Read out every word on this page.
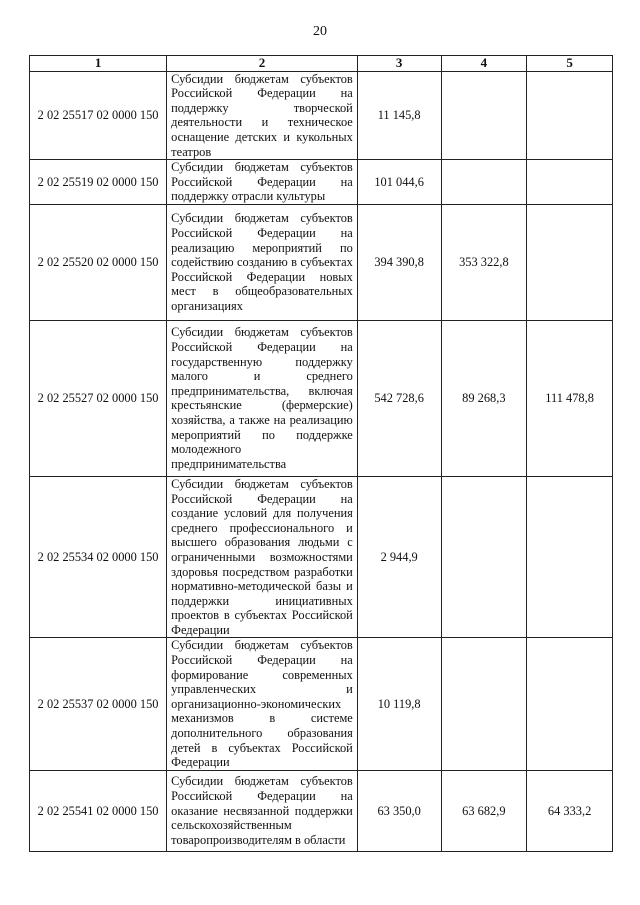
20
1	2	3	4	5
2 02 25517 02 0000 150	Субсидии бюджетам субъектов Российской Федерации на поддержку творческой деятельности и техническое оснащение детских и кукольных театров	11 145,8		
2 02 25519 02 0000 150	Субсидии бюджетам субъектов Российской Федерации на поддержку отрасли культуры	101 044,6		
2 02 25520 02 0000 150	Субсидии бюджетам субъектов Российской Федерации на реализацию мероприятий по содействию созданию в субъектах Российской Федерации новых мест в общеобразовательных организациях	394 390,8	353 322,8	
2 02 25527 02 0000 150	Субсидии бюджетам субъектов Российской Федерации на государственную поддержку малого и среднего предпринимательства, включая крестьянские (фермерские) хозяйства, а также на реализацию мероприятий по поддержке молодежного предпринимательства	542 728,6	89 268,3	111 478,8
2 02 25534 02 0000 150	Субсидии бюджетам субъектов Российской Федерации на создание условий для получения среднего профессионального и высшего образования людьми с ограниченными возможностями здоровья посредством разработки нормативно-методической базы и поддержки инициативных проектов в субъектах Российской Федерации	2 944,9		
2 02 25537 02 0000 150	Субсидии бюджетам субъектов Российской Федерации на формирование современных управленческих и организационно-экономических механизмов в системе дополнительного образования детей в субъектах Российской Федерации	10 119,8		
2 02 25541 02 0000 150	Субсидии бюджетам субъектов Российской Федерации на оказание несвязанной поддержки сельскохозяйственным товаропроизводителям в области	63 350,0	63 682,9	64 333,2
